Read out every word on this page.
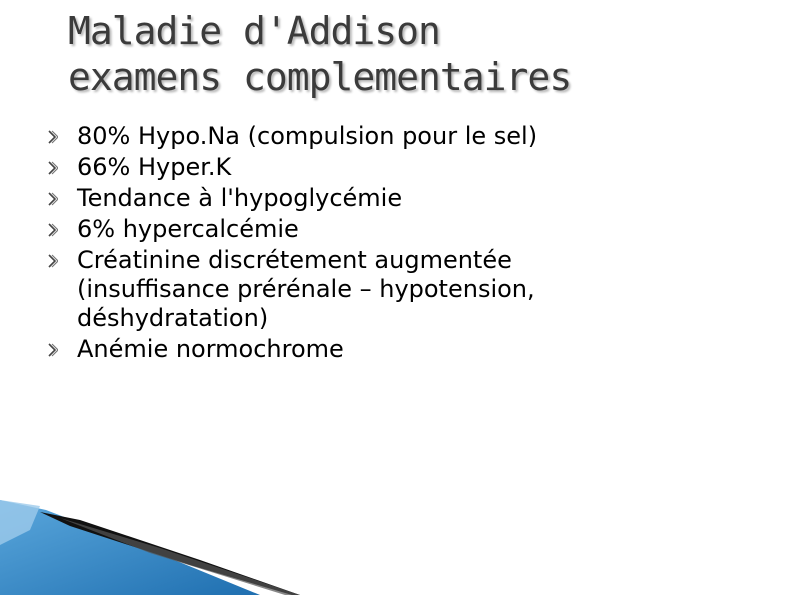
Maladie d'Addison
examens complementaires
80% Hypo.Na (compulsion pour le sel)
66% Hyper.K
Tendance à l'hypoglycémie
6% hypercalcémie
Créatinine discrétement augmentée (insuffisance prérénale – hypotension, déshydratation)
Anémie normochrome
